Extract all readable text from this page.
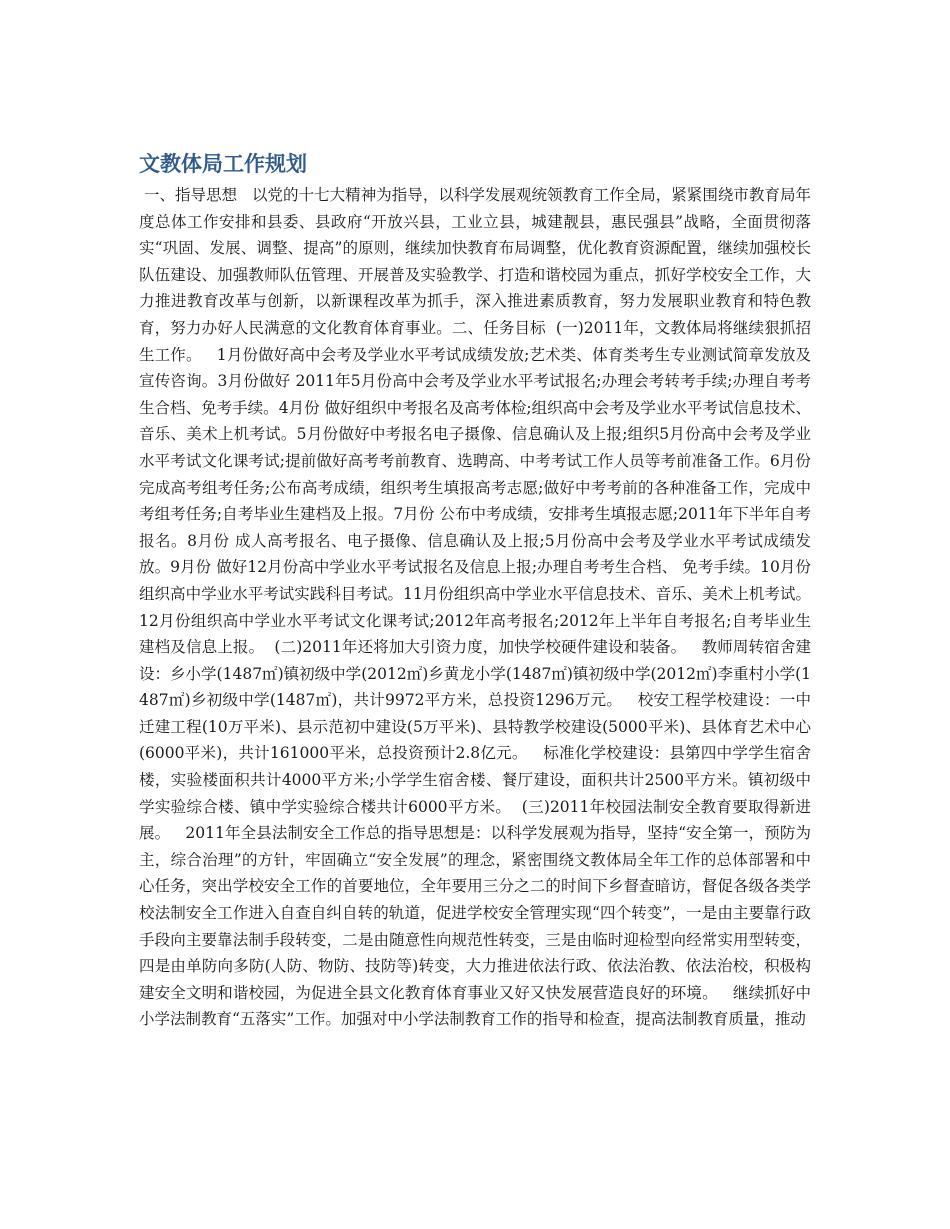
文教体局工作规划

一、指导思想   以党的十七大精神为指导，以科学发展观统领教育工作全局，紧紧围绕市教育局年度总体工作安排和县委、县政府“开放兴县，工业立县，城建靓县，惠民强县”战略，全面贯彻落实“巩固、发展、调整、提高”的原则，继续加快教育布局调整，优化教育资源配置，继续加强校长队伍建设、加强教师队伍管理、开展普及实验教学、打造和谐校园为重点，抓好学校安全工作，大力推进教育改革与创新，以新课程改革为抓手，深入推进素质教育，努力发展职业教育和特色教育，努力办好人民满意的文化教育体育事业。二、任务目标  (一)2011年，文教体局将继续狠抓招生工作。   1月份做好高中会考及学业水平考试成绩发放;艺术类、体育类考生专业测试简章发放及宣传咨询。3月份做好 2011年5月份高中会考及学业水平考试报名;办理会考转考手续;办理自考考生合档、免考手续。4月份 做好组织中考报名及高考体检;组织高中会考及学业水平考试信息技术、音乐、美术上机考试。5月份做好中考报名电子摄像、信息确认及上报;组织5月份高中会考及学业水平考试文化课考试;提前做好高考考前教育、选聘高、中考考试工作人员等考前准备工作。6月份完成高考组考任务;公布高考成绩，组织考生填报高考志愿;做好中考考前的各种准备工作，完成中考组考任务;自考毕业生建档及上报。7月份 公布中考成绩，安排考生填报志愿;2011年下半年自考报名。8月份 成人高考报名、电子摄像、信息确认及上报;5月份高中会考及学业水平考试成绩发放。9月份 做好12月份高中学业水平考试报名及信息上报;办理自考考生合档、 免考手续。10月份组织高中学业水平考试实践科目考试。11月份组织高中学业水平信息技术、音乐、美术上机考试。12月份组织高中学业水平考试文化课考试;2012年高考报名;2012年上半年自考报名;自考毕业生建档及信息上报。  (二)2011年还将加大引资力度，加快学校硬件建设和装备。   教师周转宿舍建设：乡小学(1487㎡)镇初级中学(2012㎡)乡黄龙小学(1487㎡)镇初级中学(2012㎡)李重村小学(1487㎡)乡初级中学(1487㎡)，共计9972平方米，总投资1296万元。   校安工程学校建设：一中迁建工程(10万平米)、县示范初中建设(5万平米)、县特教学校建设(5000平米)、县体育艺术中心(6000平米)，共计161000平米，总投资预计2.8亿元。   标准化学校建设：县第四中学学生宿舍楼，实验楼面积共计4000平方米;小学学生宿舍楼、餐厅建设，面积共计2500平方米。镇初级中学实验综合楼、镇中学实验综合楼共计6000平方米。  (三)2011年校园法制安全教育要取得新进展。   2011年全县法制安全工作总的指导思想是：以科学发展观为指导，坚持“安全第一，预防为主，综合治理”的方针，牢固确立“安全发展”的理念，紧密围绕文教体局全年工作的总体部署和中心任务，突出学校安全工作的首要地位，全年要用三分之二的时间下乡督查暗访，督促各级各类学校法制安全工作进入自查自纠自转的轨道，促进学校安全管理实现“四个转变”，一是由主要靠行政手段向主要靠法制手段转变，二是由随意性向规范性转变，三是由临时迎检型向经常实用型转变，四是由单防向多防(人防、物防、技防等)转变，大力推进依法行政、依法治教、依法治校，积极构建安全文明和谐校园，为促进全县文化教育体育事业又好又快发展营造良好的环境。   继续抓好中小学法制教育“五落实”工作。加强对中小学法制教育工作的指导和检查，提高法制教育质量，推动
